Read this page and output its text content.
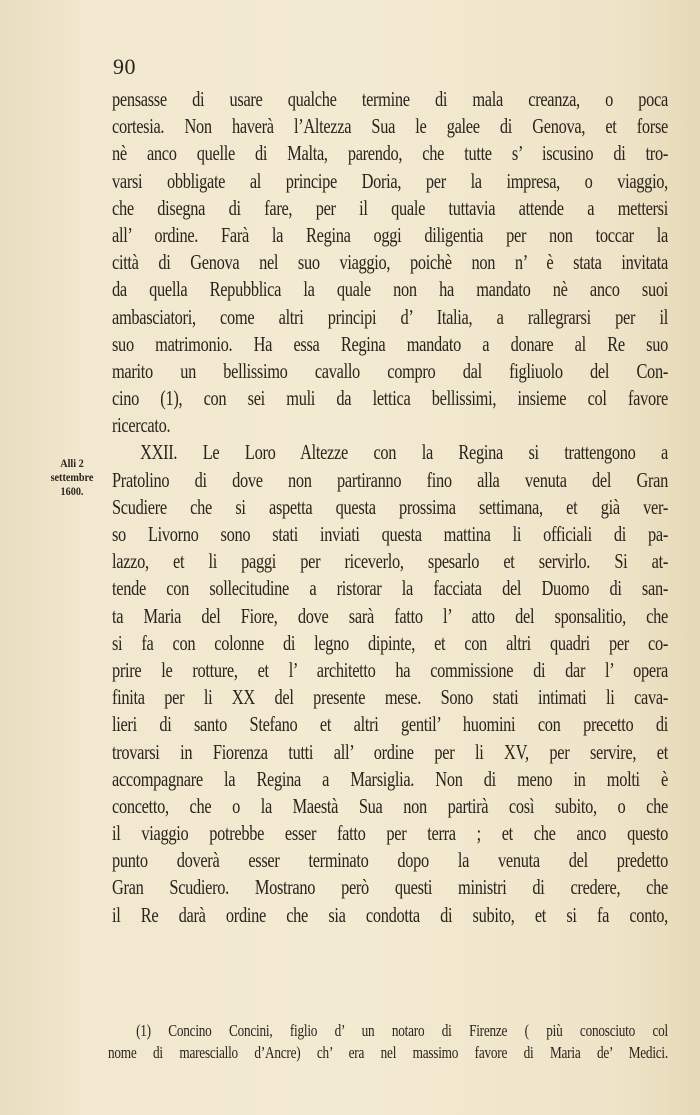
90
Alli 2
settembre
1600.
pensasse di usare qualche termine di mala creanza, o poca
cortesia. Non haverà l’Altezza Sua le galee di Genova, et forse
nè anco quelle di Malta, parendo, che tutte s’ iscusino di tro-
varsi obbligate al principe Doria, per la impresa, o viaggio,
che disegna di fare, per il quale tuttavia attende a mettersi
all’ ordine. Farà la Regina oggi diligentia per non toccar la
città di Genova nel suo viaggio, poichè non n’ è stata invitata
da quella Repubblica la quale non ha mandato nè anco suoi
ambasciatori, come altri principi d’ Italia, a rallegrarsi per il
suo matrimonio. Ha essa Regina mandato a donare al Re suo
marito un bellissimo cavallo compro dal figliuolo del Con-
cino (1), con sei muli da lettica bellissimi, insieme col favore
ricercato.
XXII. Le Loro Altezze con la Regina si trattengono a
Pratolino di dove non partiranno fino alla venuta del Gran
Scudiere che si aspetta questa prossima settimana, et già ver-
so Livorno sono stati inviati questa mattina li officiali di pa-
lazzo, et li paggi per riceverlo, spesarlo et servirlo. Si at-
tende con sollecitudine a ristorar la facciata del Duomo di san-
ta Maria del Fiore, dove sarà fatto l’ atto del sponsalitio, che
si fa con colonne di legno dipinte, et con altri quadri per co-
prire le rotture, et l’ architetto ha commissione di dar l’ opera
finita per li XX del presente mese. Sono stati intimati li cava-
lieri di santo Stefano et altri gentil’ huomini con precetto di
trovarsi in Fiorenza tutti all’ ordine per li XV, per servire, et
accompagnare la Regina a Marsiglia. Non di meno in molti è
concetto, che o la Maestà Sua non partirà così subito, o che
il viaggio potrebbe esser fatto per terra ; et che anco questo
punto doverà esser terminato dopo la venuta del predetto
Gran Scudiero. Mostrano però questi ministri di credere, che
il Re darà ordine che sia condotta di subito, et si fa conto,
(1) Concino Concini, figlio d’ un notaro di Firenze ( più conosciuto col
nome di maresciallo d’Ancre) ch’ era nel massimo favore di Maria de’ Medici.
